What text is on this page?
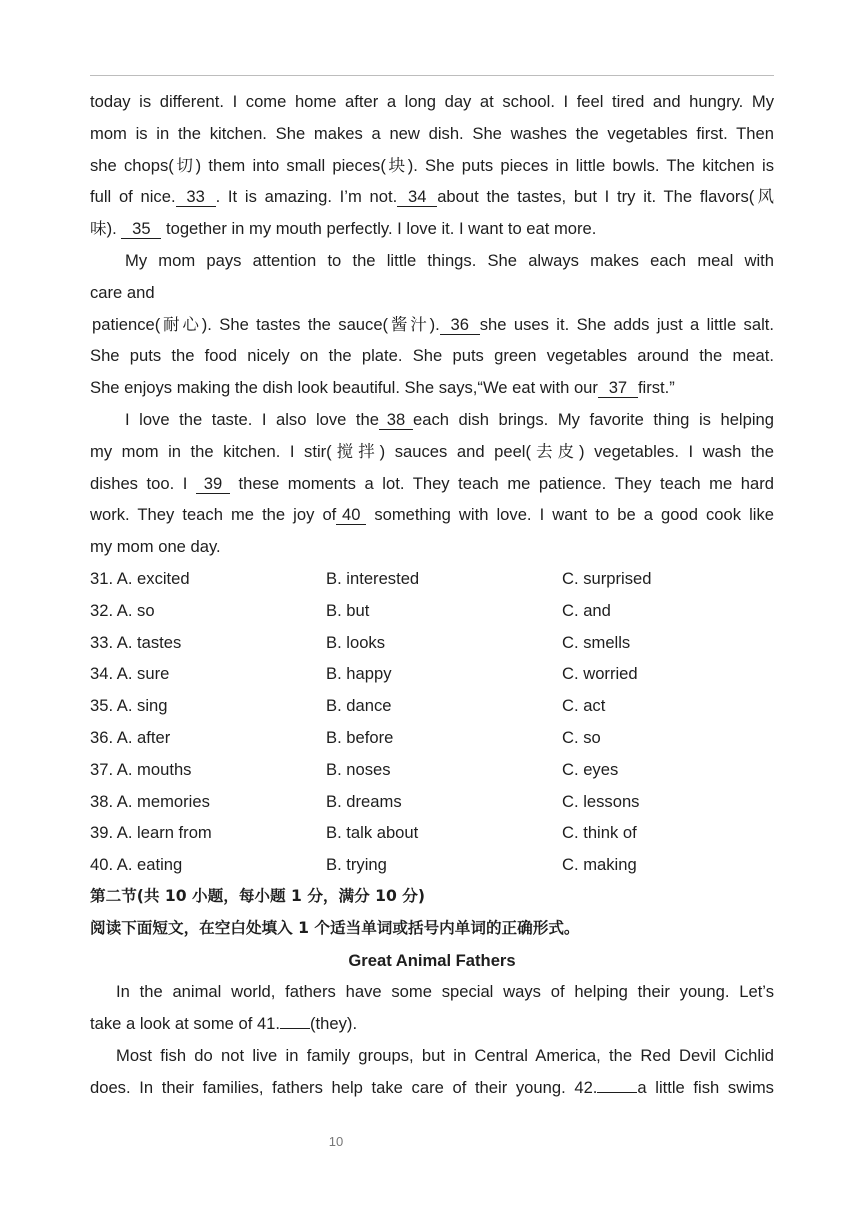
today is different. I come home after a long day at school. I feel tired and hungry. My
mom is in the kitchen. She makes a new dish. She washes the vegetables first. Then
she chops(切) them into small pieces(块). She puts pieces in little bowls. The kitchen is
full of nice. 33 . It is amazing. I’m not. 34 about the tastes, but I try it. The flavors(风
味). 35 together in my mouth perfectly. I love it. I want to eat more.
My mom pays attention to the little things. She always makes each meal with
care and
patience(耐心). She tastes the sauce(酱汁). 36 she uses it. She adds just a little salt.
She puts the food nicely on the plate. She puts green vegetables around the meat.
She enjoys making the dish look beautiful. She says,“We eat with our 37 first.”
I love the taste. I also love the 38 each dish brings. My favorite thing is helping
my mom in the kitchen. I stir(搅拌) sauces and peel(去皮) vegetables. I wash the
dishes too. I 39 these moments a lot. They teach me patience. They teach me hard
work. They teach me the joy of 40 something with love. I want to be a good cook like
my mom one day.
31. A. excited	B. interested	C. surprised
32. A. so	B. but	C. and
33. A. tastes	B. looks	C. smells
34. A. sure	B. happy	C. worried
35. A. sing	B. dance	C. act
36. A. after	B. before	C. so
37. A. mouths	B. noses	C. eyes
38. A. memories	B. dreams	C. lessons
39. A. learn from	B. talk about	C. think of
40. A. eating	B. trying	C. making
第二节(共 10 小题，每小题 1 分，满分 10 分)
阅读下面短文，在空白处填入 1 个适当单词或括号内单词的正确形式。
Great Animal Fathers
In the animal world, fathers have some special ways of helping their young. Let’s
take a look at some of 41. (they).
Most fish do not live in family groups, but in Central America, the Red Devil Cichlid
does. In their families, fathers help take care of their young. 42. a little fish swims
10
